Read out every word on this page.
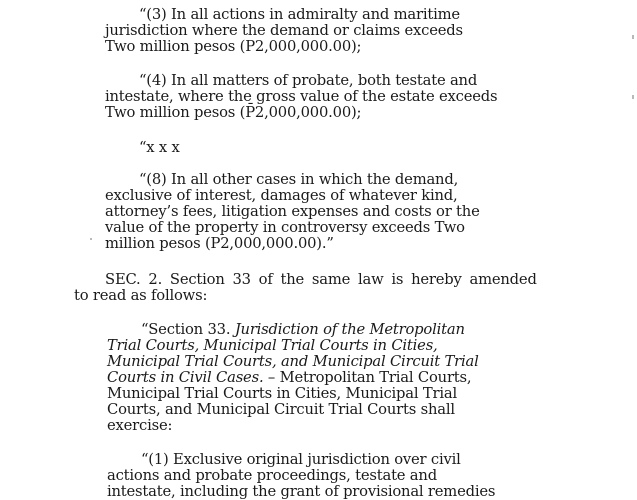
“(3) In all actions in admiralty and maritime
jurisdiction where the demand or claims exceeds
Two million pesos (P2,000,000.00);
“(4) In all matters of probate, both testate and
intestate, where the gross value of the estate exceeds
Two million pesos (P̄2,000,000.00);
“x x x
“(8) In all other cases in which the demand,
exclusive of interest, damages of whatever kind,
attorney’s fees, litigation expenses and costs or the
value of the property in controversy exceeds Two
million pesos (P2,000,000.00).”
SEC. 2. Section 33 of the same law is hereby amended
to read as follows:
“Section 33. Jurisdiction of the Metropolitan
Trial Courts, Municipal Trial Courts in Cities,
Municipal Trial Courts, and Municipal Circuit Trial
Courts in Civil Cases. – Metropolitan Trial Courts,
Municipal Trial Courts in Cities, Municipal Trial
Courts, and Municipal Circuit Trial Courts shall
exercise:
“(1) Exclusive original jurisdiction over civil
actions and probate proceedings, testate and
intestate, including the grant of provisional remedies
